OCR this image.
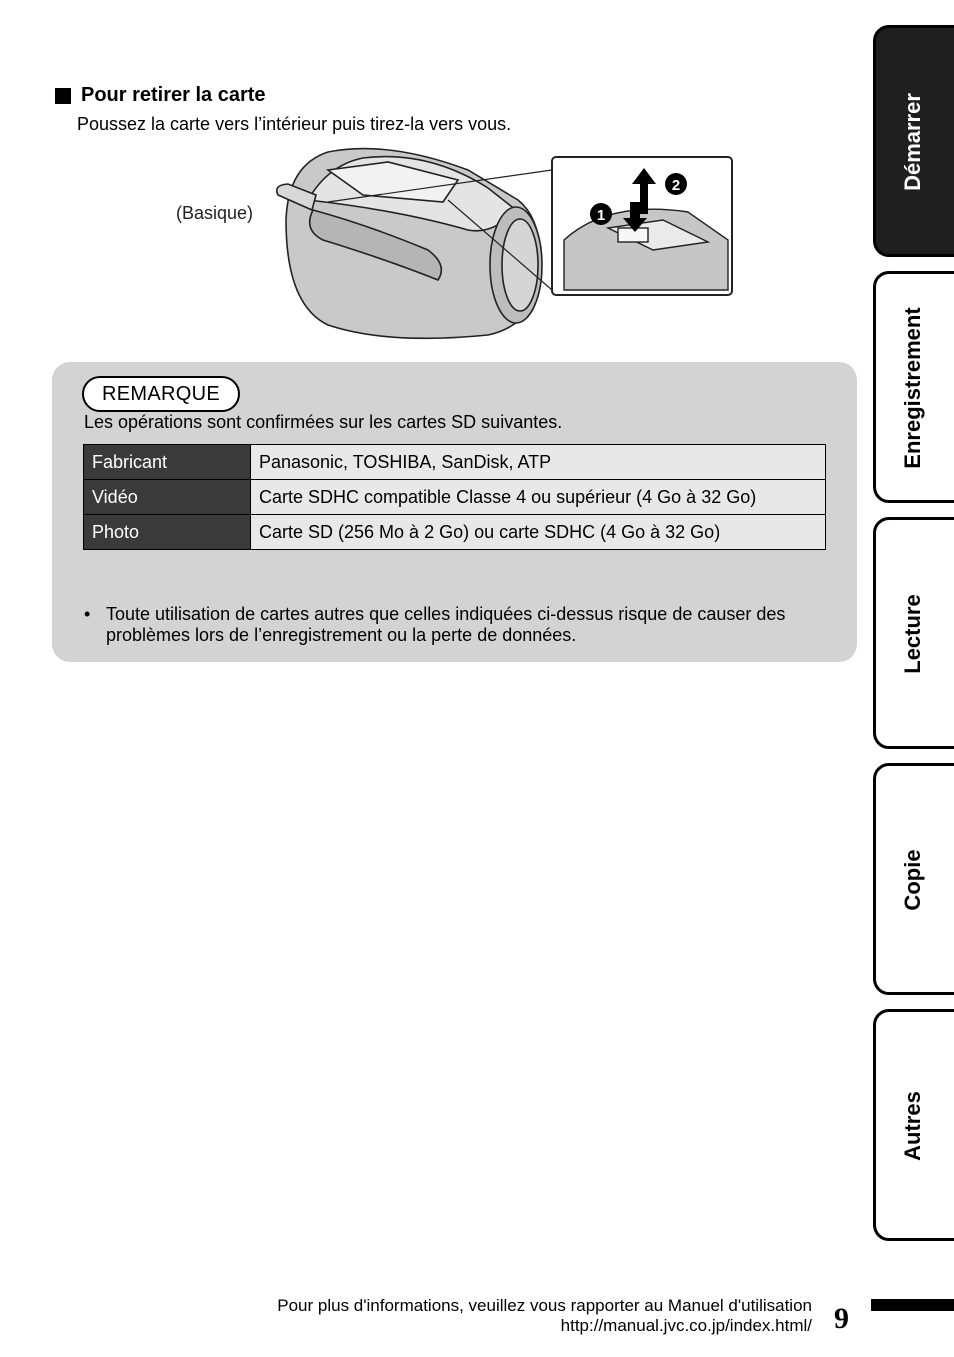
Pour retirer la carte
Poussez la carte vers l’intérieur puis tirez-la vers vous.
(Basique)	1
2
REMARQUE
Les opérations sont confirmées sur les cartes SD suivantes.
Fabricant	Panasonic, TOSHIBA, SanDisk, ATP
Vidéo	Carte SDHC compatible Classe 4 ou supérieur (4 Go à 32 Go)
Photo	Carte SD (256 Mo à 2 Go) ou carte SDHC (4 Go à 32 Go)
• Toute utilisation de cartes autres que celles indiquées ci-dessus risque de causer des problèmes lors de l’enregistrement ou la perte de données.
Démarrer
Enregistrement
Lecture
Copie
Autres
Pour plus d'informations, veuillez vous rapporter au Manuel d'utilisation
http://manual.jvc.co.jp/index.html/ 9
